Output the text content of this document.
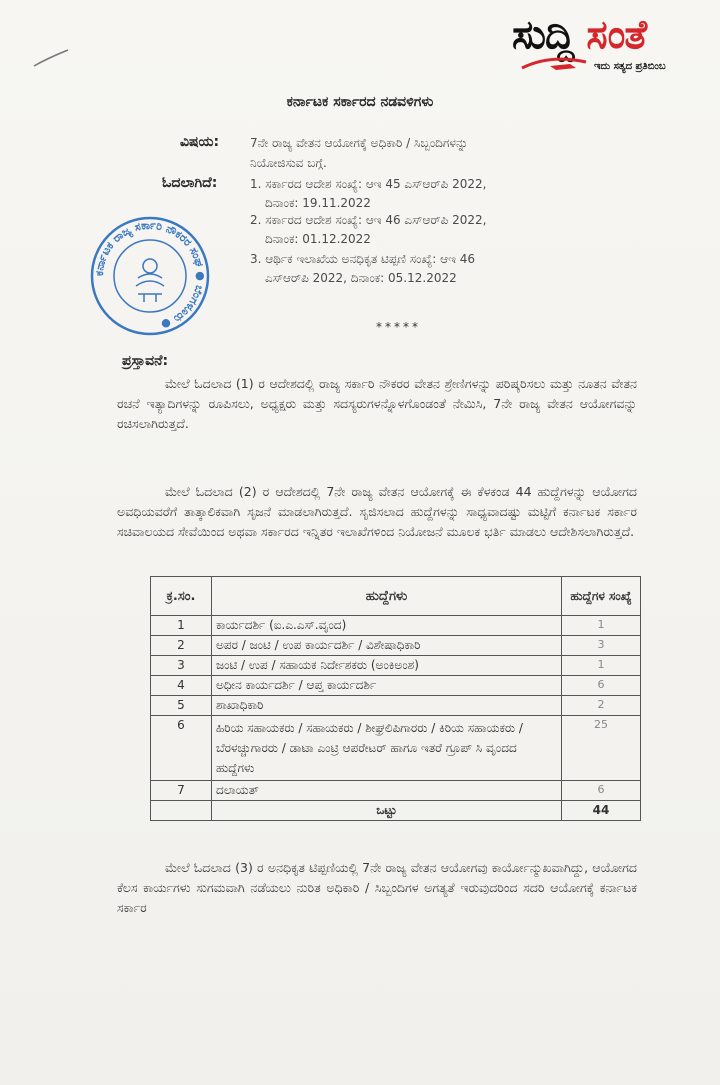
ಸುದ್ದಿ ಸಂತೆ
ಇದು ಸತ್ಯದ ಪ್ರತಿಬಿಂಬ
ಕರ್ನಾಟಕ ಸರ್ಕಾರದ ನಡವಳಿಗಳು
ವಿಷಯ:	7ನೇ ರಾಜ್ಯ ವೇತನ ಆಯೋಗಕ್ಕೆ ಅಧಿಕಾರಿ / ಸಿಬ್ಬಂದಿಗಳನ್ನು
ನಿಯೋಜಿಸುವ ಬಗ್ಗೆ.
ಓದಲಾಗಿದೆ:	1. ಸರ್ಕಾರದ ಆದೇಶ ಸಂಖ್ಯೆ: ಆಇ 45 ಎಸ್‌ಆರ್‌ಪಿ 2022,
ದಿನಾಂಕ: 19.11.2022
2. ಸರ್ಕಾರದ ಆದೇಶ ಸಂಖ್ಯೆ: ಆಇ 46 ಎಸ್‌ಆರ್‌ಪಿ 2022,
ದಿನಾಂಕ: 01.12.2022
3. ಆರ್ಥಿಕ ಇಲಾಖೆಯ ಅನಧಿಕೃತ ಟಿಪ್ಪಣಿ ಸಂಖ್ಯೆ: ಆಇ 46
ಎಸ್‌ಆರ್‌ಪಿ 2022, ದಿನಾಂಕ: 05.12.2022
ಕರ್ನಾಟಕ ರಾಜ್ಯ ಸರ್ಕಾರಿ ನೌಕರರ ಸಂಘ ● ಬೆಂಗಳೂರು ●	*****
ಪ್ರಸ್ತಾವನೆ:
ಮೇಲೆ ಓದಲಾದ (1) ರ ಆದೇಶದಲ್ಲಿ ರಾಜ್ಯ ಸರ್ಕಾರಿ ನೌಕರರ ವೇತನ ಶ್ರೇಣಿಗಳನ್ನು ಪರಿಷ್ಕರಿಸಲು ಮತ್ತು ನೂತನ ವೇತನ ರಚನೆ ಇತ್ಯಾದಿಗಳನ್ನು ರೂಪಿಸಲು, ಅಧ್ಯಕ್ಷರು ಮತ್ತು ಸದಸ್ಯರುಗಳನ್ನೊಳಗೊಂಡಂತೆ ನೇಮಿಸಿ, 7ನೇ ರಾಜ್ಯ ವೇತನ ಆಯೋಗವನ್ನು ರಚಿಸಲಾಗಿರುತ್ತದೆ.
ಮೇಲೆ ಓದಲಾದ (2) ರ ಆದೇಶದಲ್ಲಿ 7ನೇ ರಾಜ್ಯ ವೇತನ ಆಯೋಗಕ್ಕೆ ಈ ಕೆಳಕಂಡ 44 ಹುದ್ದೆಗಳನ್ನು ಆಯೋಗದ ಅವಧಿಯವರೆಗೆ ತಾತ್ಕಾಲಿಕವಾಗಿ ಸೃಜನೆ ಮಾಡಲಾಗಿರುತ್ತದೆ. ಸೃಜಿಸಲಾದ ಹುದ್ದೆಗಳನ್ನು ಸಾಧ್ಯವಾದಷ್ಟು ಮಟ್ಟಿಗೆ ಕರ್ನಾಟಕ ಸರ್ಕಾರ ಸಚಿವಾಲಯದ ಸೇವೆಯಿಂದ ಅಥವಾ ಸರ್ಕಾರದ ಇನ್ನಿತರ ಇಲಾಖೆಗಳಿಂದ ನಿಯೋಜನೆ ಮೂಲಕ ಭರ್ತಿ ಮಾಡಲು ಆದೇಶಿಸಲಾಗಿರುತ್ತದೆ.
ಕ್ರ.ಸಂ.	ಹುದ್ದೆಗಳು	ಹುದ್ದೆಗಳ ಸಂಖ್ಯೆ
1	ಕಾರ್ಯದರ್ಶಿ (ಐ.ಎ.ಎಸ್.ವೃಂದ)	1
2	ಅಪರ / ಜಂಟಿ / ಉಪ ಕಾರ್ಯದರ್ಶಿ / ವಿಶೇಷಾಧಿಕಾರಿ	3
3	ಜಂಟಿ / ಉಪ / ಸಹಾಯಕ ನಿರ್ದೇಶಕರು (ಅಂಕಿಅಂಶ)	1
4	ಅಧೀನ ಕಾರ್ಯದರ್ಶಿ / ಆಪ್ತ ಕಾರ್ಯದರ್ಶಿ	6
5	ಶಾಖಾಧಿಕಾರಿ	2
6	ಹಿರಿಯ ಸಹಾಯಕರು / ಸಹಾಯಕರು / ಶೀಘ್ರಲಿಪಿಗಾರರು / ಕಿರಿಯ ಸಹಾಯಕರು / ಬೆರಳಚ್ಚುಗಾರರು / ಡಾಟಾ ಎಂಟ್ರಿ ಆಪರೇಟರ್ ಹಾಗೂ ಇತರೆ ಗ್ರೂಪ್ ಸಿ ವೃಂದದ ಹುದ್ದೆಗಳು	25
7	ದಲಾಯತ್	6
	ಒಟ್ಟು	44
ಮೇಲೆ ಓದಲಾದ (3) ರ ಅನಧಿಕೃತ ಟಿಪ್ಪಣಿಯಲ್ಲಿ 7ನೇ ರಾಜ್ಯ ವೇತನ ಆಯೋಗವು ಕಾರ್ಯೋನ್ಮುಖವಾಗಿದ್ದು, ಆಯೋಗದ ಕೆಲಸ ಕಾರ್ಯಗಳು ಸುಗಮವಾಗಿ ನಡೆಯಲು ನುರಿತ ಅಧಿಕಾರಿ / ಸಿಬ್ಬಂದಿಗಳ ಅಗತ್ಯತೆ ಇರುವುದರಿಂದ ಸದರಿ ಆಯೋಗಕ್ಕೆ ಕರ್ನಾಟಕ ಸರ್ಕಾರ
